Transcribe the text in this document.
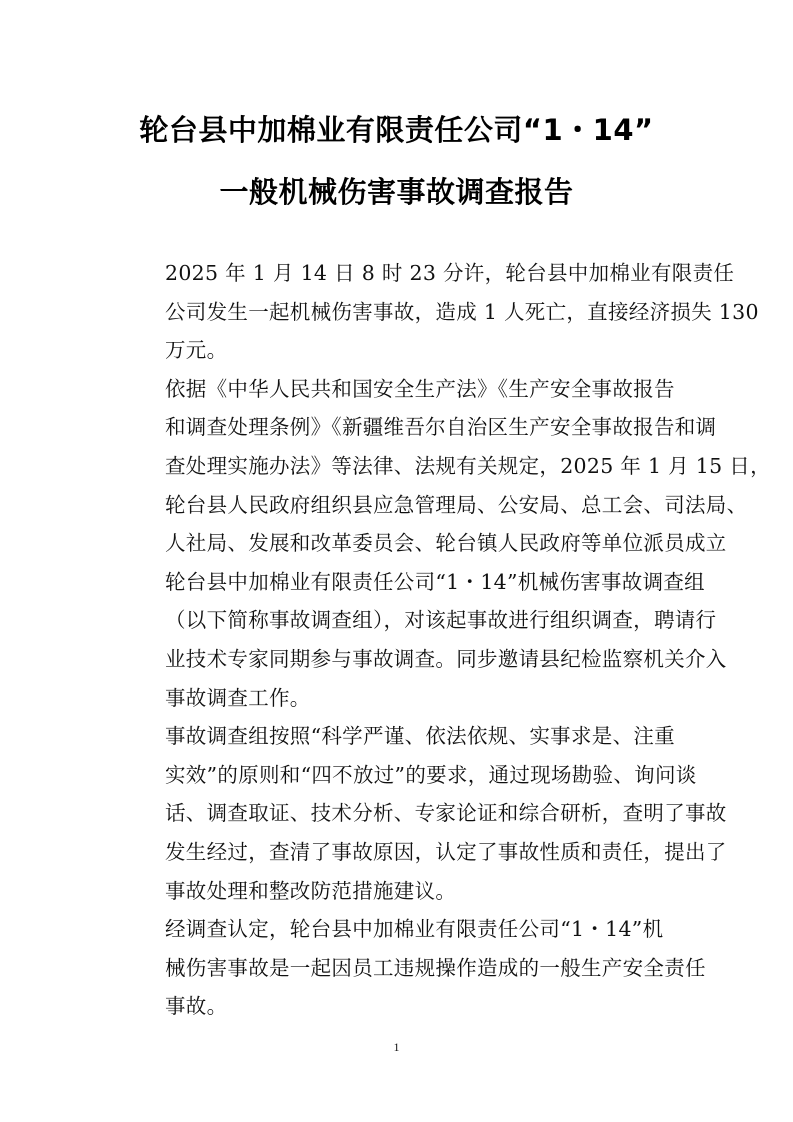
轮台县中加棉业有限责任公司“1・14”
一般机械伤害事故调查报告

2025 年 1 月 14 日 8 时 23 分许，轮台县中加棉业有限责任
公司发生一起机械伤害事故，造成 1 人死亡，直接经济损失 130
万元。

依据《中华人民共和国安全生产法》《生产安全事故报告
和调查处理条例》《新疆维吾尔自治区生产安全事故报告和调
查处理实施办法》等法律、法规有关规定，2025 年 1 月 15 日，
轮台县人民政府组织县应急管理局、公安局、总工会、司法局、
人社局、发展和改革委员会、轮台镇人民政府等单位派员成立
轮台县中加棉业有限责任公司“1・14”机械伤害事故调查组
（以下简称事故调查组），对该起事故进行组织调查，聘请行
业技术专家同期参与事故调查。同步邀请县纪检监察机关介入
事故调查工作。

事故调查组按照“科学严谨、依法依规、实事求是、注重
实效”的原则和“四不放过”的要求，通过现场勘验、询问谈
话、调查取证、技术分析、专家论证和综合研析，查明了事故
发生经过，查清了事故原因，认定了事故性质和责任，提出了
事故处理和整改防范措施建议。

经调查认定，轮台县中加棉业有限责任公司“1・14”机
械伤害事故是一起因员工违规操作造成的一般生产安全责任
事故。

1
